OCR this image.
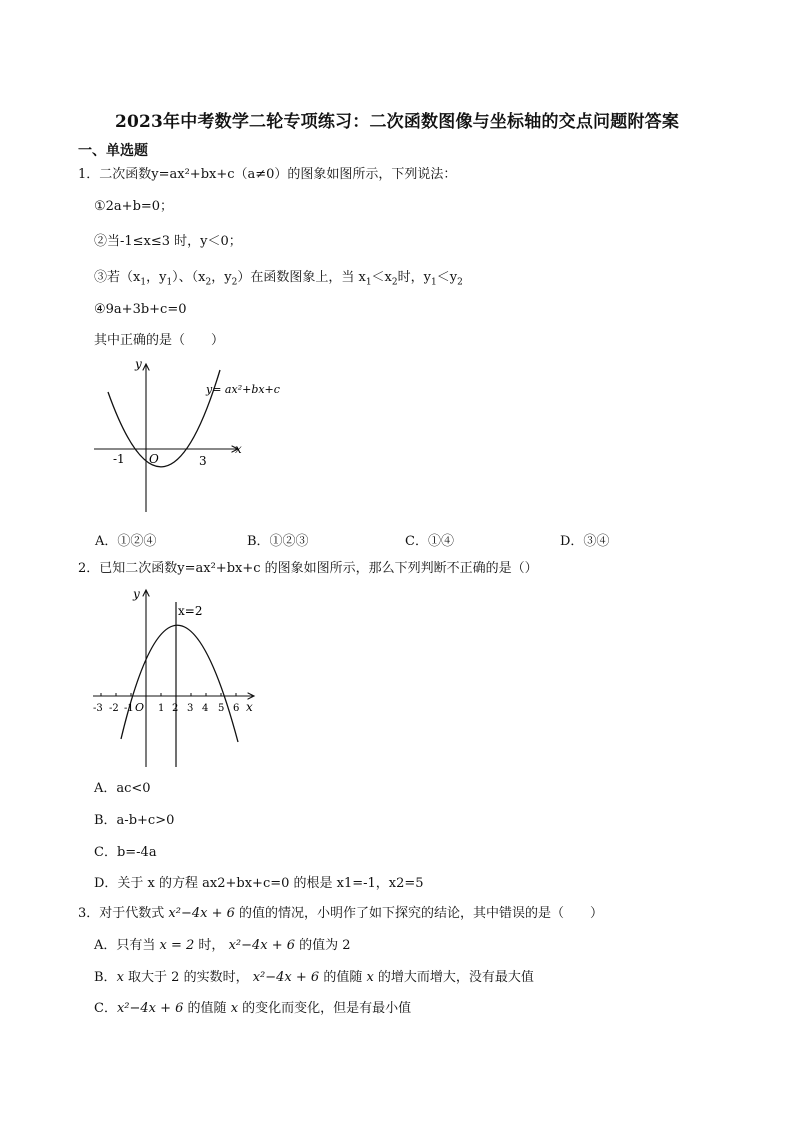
2023年中考数学二轮专项练习：二次函数图像与坐标轴的交点问题附答案
一、单选题
1．二次函数y=ax²+bx+c（a≠0）的图象如图所示，下列说法：
①2a+b=0；
②当-1≤x≤3 时，y＜0；
③若（$x_1$，$y_1$）、（$x_2$，$y_2$）在函数图象上，当 $x_1<x_2$时，$y_1<y_2$
④9a+3b+c=0
其中正确的是（　　）
y
x
O
-1	3
y= ax²+bx+c
A．①②④	B．①②③	C．①④	D．③④
2．已知二次函数y=ax²+bx+c 的图象如图所示，那么下列判断不正确的是（）
y
x
x=2
O
-3 -2 -1 1 2 3 4 5 6
A．ac<0
B．a-b+c>0
C．b=-4a
D．关于 x 的方程 ax2+bx+c=0 的根是 x1=-1，x2=5
3．对于代数式 x²−4x + 6 的值的情况，小明作了如下探究的结论，其中错误的是（　　）
A．只有当 x = 2 时， x²−4x + 6 的值为 2
B．x 取大于 2 的实数时， x²−4x + 6 的值随 x 的增大而增大，没有最大值
C．x²−4x + 6 的值随 x 的变化而变化，但是有最小值
